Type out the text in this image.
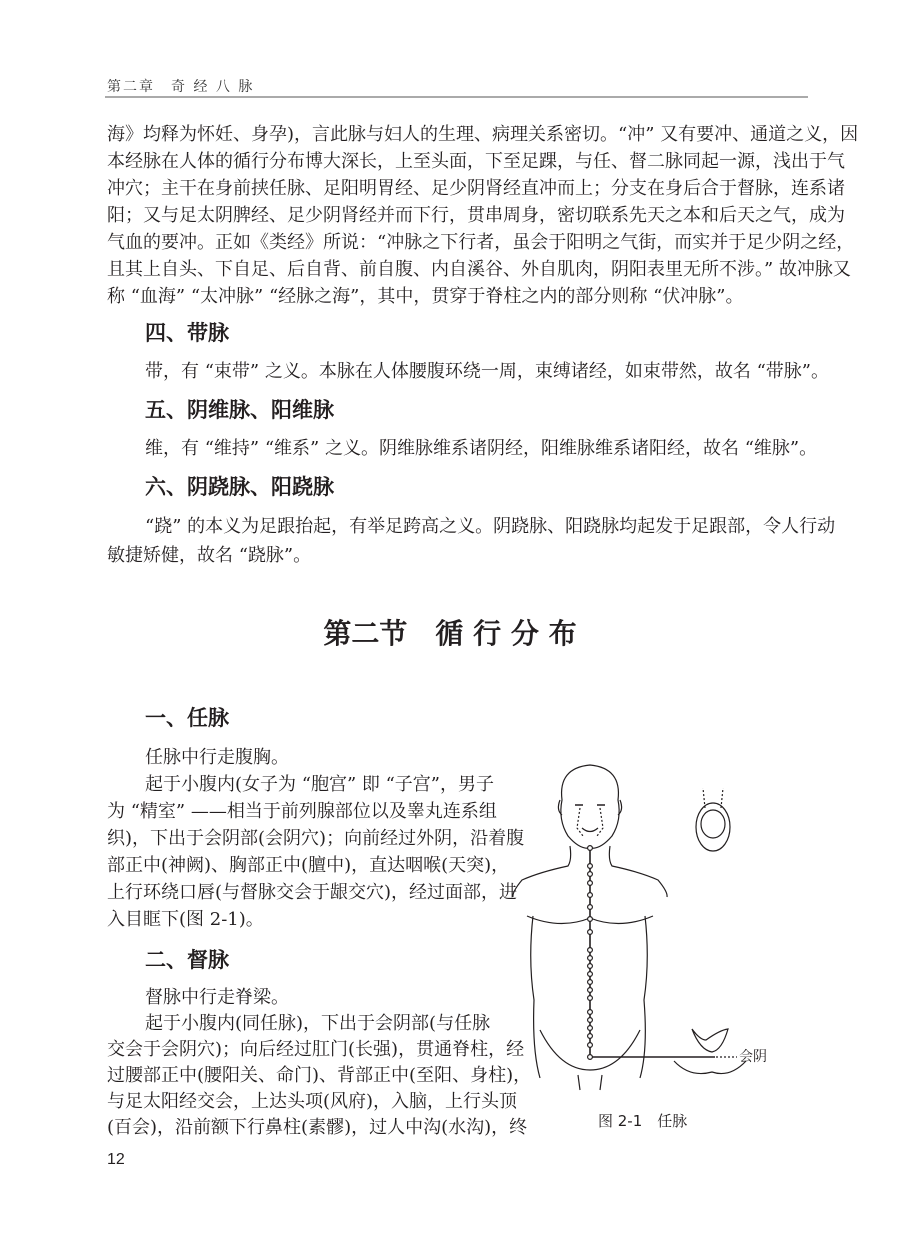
第二章　奇 经 八 脉
海》均释为怀妊、身孕)，言此脉与妇人的生理、病理关系密切。“冲” 又有要冲、通道之义，因
本经脉在人体的循行分布博大深长，上至头面，下至足踝，与任、督二脉同起一源，浅出于气
冲穴；主干在身前挟任脉、足阳明胃经、足少阴肾经直冲而上；分支在身后合于督脉，连系诸
阳；又与足太阴脾经、足少阴肾经并而下行，贯串周身，密切联系先天之本和后天之气，成为
气血的要冲。正如《类经》所说：“冲脉之下行者，虽会于阳明之气街，而实并于足少阴之经，
且其上自头、下自足、后自背、前自腹、内自溪谷、外自肌肉，阴阳表里无所不涉。” 故冲脉又
称 “血海” “太冲脉” “经脉之海”，其中，贯穿于脊柱之内的部分则称 “伏冲脉”。
四、带脉
带，有 “束带” 之义。本脉在人体腰腹环绕一周，束缚诸经，如束带然，故名 “带脉”。
五、阴维脉、阳维脉
维，有 “维持” “维系” 之义。阴维脉维系诸阴经，阳维脉维系诸阳经，故名 “维脉”。
六、阴跷脉、阳跷脉
“跷” 的本义为足跟抬起，有举足跨高之义。阴跷脉、阳跷脉均起发于足跟部，令人行动
敏捷矫健，故名 “跷脉”。
第二节　循 行 分 布
一、任脉
任脉中行走腹胸。
起于小腹内(女子为 “胞宫” 即 “子宫”，男子
为 “精室” ——相当于前列腺部位以及睾丸连系组
织)，下出于会阴部(会阴穴)；向前经过外阴，沿着腹
部正中(神阙)、胸部正中(膻中)，直达咽喉(天突)，
上行环绕口唇(与督脉交会于龈交穴)，经过面部，进
入目眶下(图 2-1)。
二、督脉
督脉中行走脊梁。
起于小腹内(同任脉)，下出于会阴部(与任脉
交会于会阴穴)；向后经过肛门(长强)，贯通脊柱，经
过腰部正中(腰阳关、命门)、背部正中(至阳、身柱)，
与足太阳经交会，上达头项(风府)，入脑，上行头顶
(百会)，沿前额下行鼻柱(素髎)，过人中沟(水沟)，终
12
会阴
图 2-1　任脉
